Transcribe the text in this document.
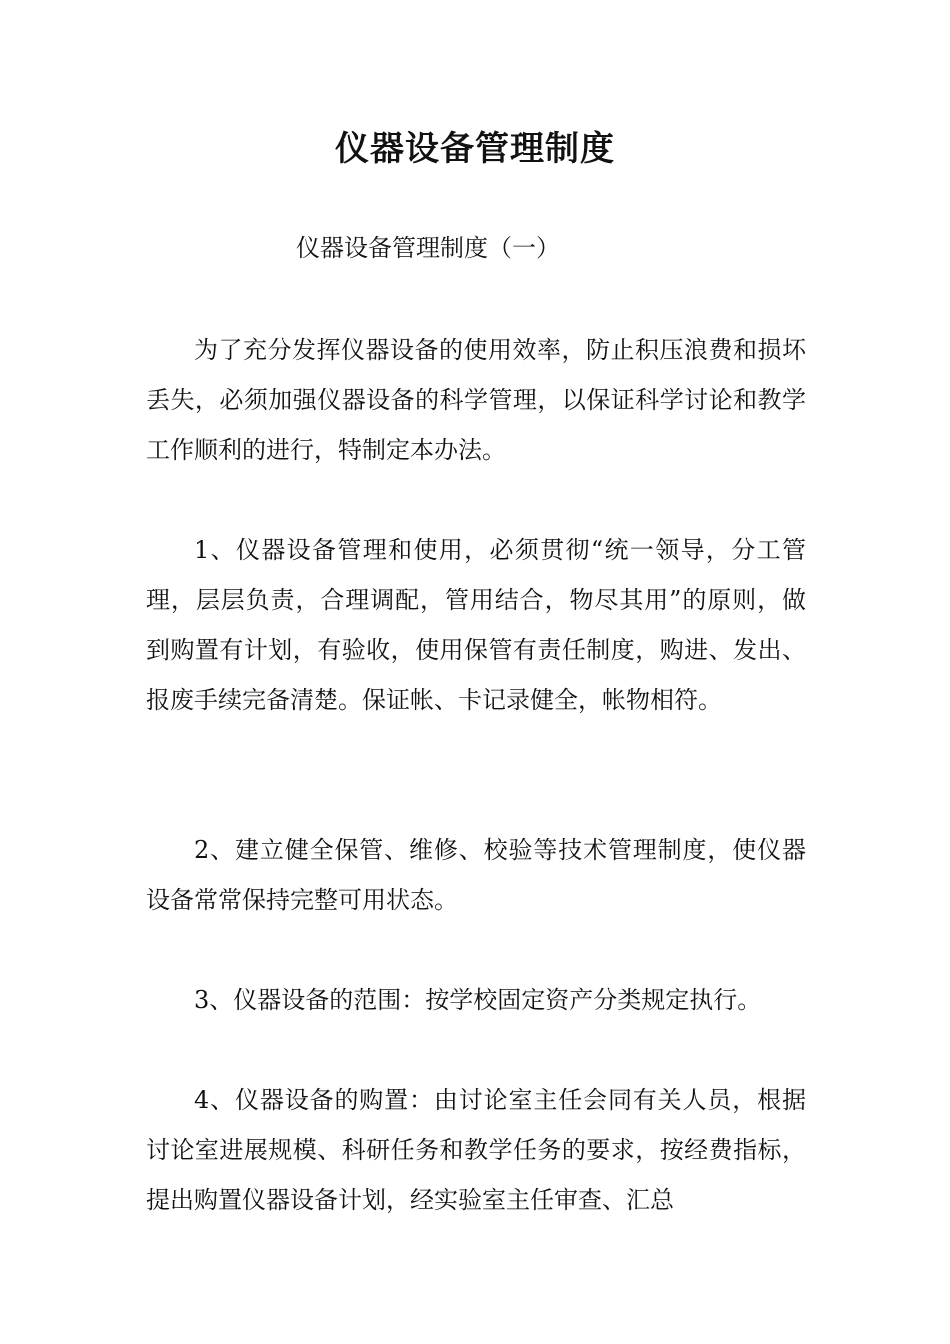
仪器设备管理制度

仪器设备管理制度（一）

为了充分发挥仪器设备的使用效率，防止积压浪费和损坏丢失，必须加强仪器设备的科学管理，以保证科学讨论和教学工作顺利的进行，特制定本办法。

1、仪器设备管理和使用，必须贯彻“统一领导，分工管理，层层负责，合理调配，管用结合，物尽其用”的原则，做到购置有计划，有验收，使用保管有责任制度，购进、发出、报废手续完备清楚。保证帐、卡记录健全，帐物相符。

2、建立健全保管、维修、校验等技术管理制度，使仪器设备常常保持完整可用状态。

3、仪器设备的范围：按学校固定资产分类规定执行。

4、仪器设备的购置：由讨论室主任会同有关人员，根据讨论室进展规模、科研任务和教学任务的要求，按经费指标，提出购置仪器设备计划，经实验室主任审查、汇总
